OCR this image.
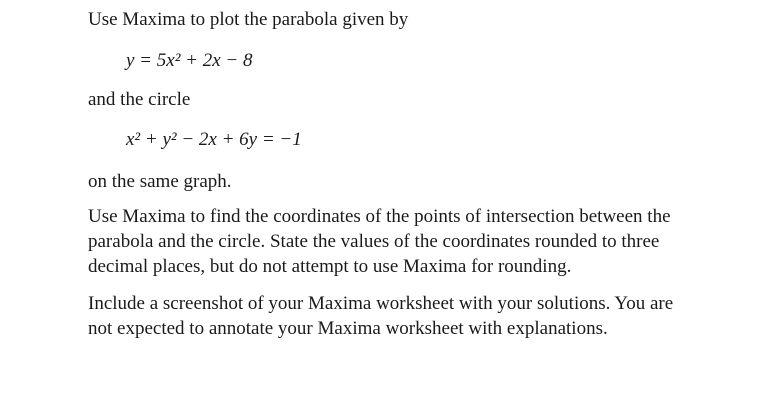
Use Maxima to plot the parabola given by
y = 5x² + 2x − 8
and the circle
x² + y² − 2x + 6y = −1
on the same graph.
Use Maxima to find the coordinates of the points of intersection between the
parabola and the circle. State the values of the coordinates rounded to three
decimal places, but do not attempt to use Maxima for rounding.
Include a screenshot of your Maxima worksheet with your solutions. You are
not expected to annotate your Maxima worksheet with explanations.
